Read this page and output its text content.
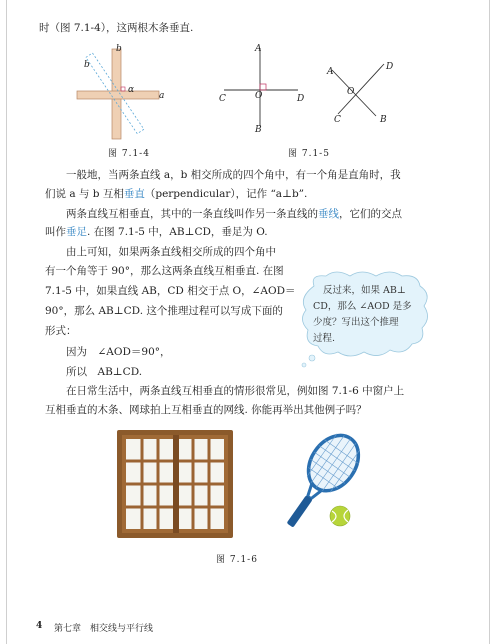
时（图 7.1-4），这两根木条垂直.
b
b
α
a
图 7.1-4
A
C	O	D
B
A	D
O
C	B
图 7.1-5
一般地，当两条直线 a，b 相交所成的四个角中，有一个角是直角时，我
们说 a 与 b 互相垂直（perpendicular），记作 “a⊥b”.
两条直线互相垂直，其中的一条直线叫作另一条直线的垂线，它们的交点
叫作垂足. 在图 7.1-5 中，AB⊥CD，垂足为 O.
由上可知，如果两条直线相交所成的四个角中
有一个角等于 90°，那么这两条直线互相垂直. 在图
7.1-5 中，如果直线 AB，CD 相交于点 O，∠AOD＝
90°，那么 AB⊥CD. 这个推理过程可以写成下面的
形式：
因为　∠AOD＝90°，
所以　AB⊥CD.
反过来，如果 AB⊥
CD，那么 ∠AOD 是多
少度？写出这个推理
过程.
在日常生活中，两条直线互相垂直的情形很常见，例如图 7.1-6 中窗户上
互相垂直的木条、网球拍上互相垂直的网线. 你能再举出其他例子吗？
图 7.1-6
4 第七章　相交线与平行线
